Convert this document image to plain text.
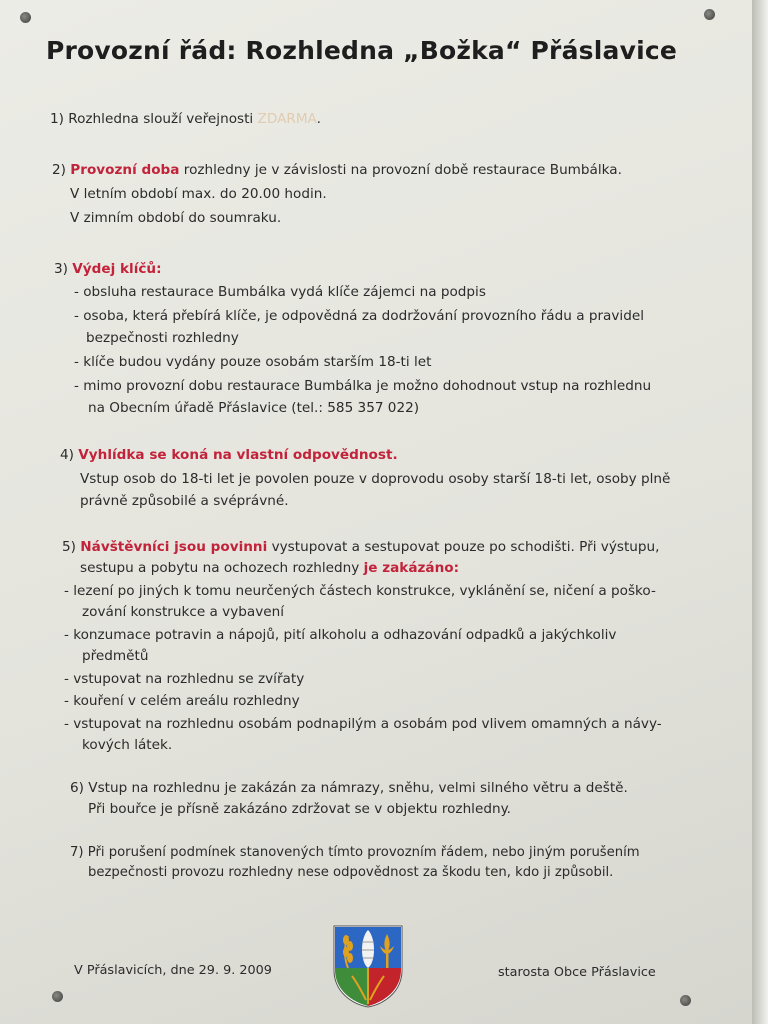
Provozní řád: Rozhledna „Božka“ Přáslavice

1) Rozhledna slouží veřejnosti ZDARMA.

2) Provozní doba rozhledny je v závislosti na provozní době restaurace Bumbálka.

V letním období max. do 20.00 hodin.

V zimním období do soumraku.

3) Výdej klíčů:

- obsluha restaurace Bumbálka vydá klíče zájemci na podpis

- osoba, která přebírá klíče, je odpovědná za dodržování provozního řádu a pravidel

bezpečnosti rozhledny

- klíče budou vydány pouze osobám starším 18-ti let

- mimo provozní dobu restaurace Bumbálka je možno dohodnout vstup na rozhlednu

na Obecním úřadě Přáslavice (tel.: 585 357 022)

4) Vyhlídka se koná na vlastní odpovědnost.

Vstup osob do 18-ti let je povolen pouze v doprovodu osoby starší 18-ti let, osoby plně

právně způsobilé a svéprávné.

5) Návštěvníci jsou povinni vystupovat a sestupovat pouze po schodišti. Při výstupu,

sestupu a pobytu na ochozech rozhledny je zakázáno:

- lezení po jiných k tomu neurčených částech konstrukce, vyklánění se, ničení a poško-

zování konstrukce a vybavení

- konzumace potravin a nápojů, pití alkoholu a odhazování odpadků a jakýchkoliv

předmětů

- vstupovat na rozhlednu se zvířaty

- kouření v celém areálu rozhledny

- vstupovat na rozhlednu osobám podnapilým a osobám pod vlivem omamných a návy-

kových látek.

6) Vstup na rozhlednu je zakázán za námrazy, sněhu, velmi silného větru a deště.

Při bouřce je přísně zakázáno zdržovat se v objektu rozhledny.

7) Při porušení podmínek stanovených tímto provozním řádem, nebo jiným porušením

bezpečnosti provozu rozhledny nese odpovědnost za škodu ten, kdo ji způsobil.

V Přáslavicích, dne 29. 9. 2009	starosta Obce Přáslavice
